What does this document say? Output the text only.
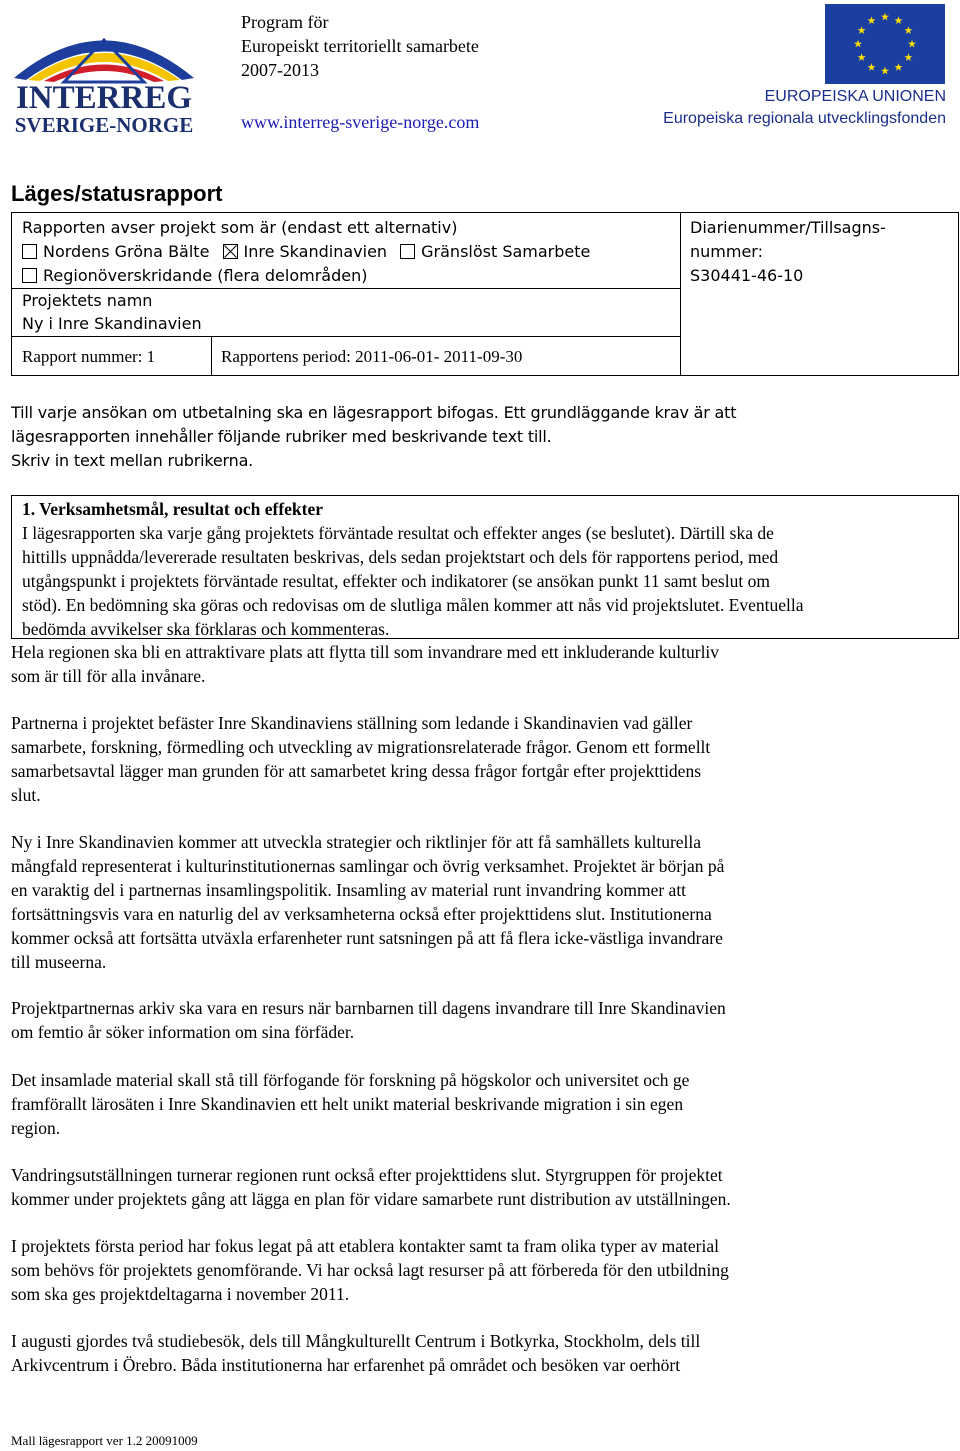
INTERREG
SVERIGE-NORGE
Program för
Europeiskt territoriellt samarbete
2007-2013
www.interreg-sverige-norge.com
EUROPEISKA UNIONEN
Europeiska regionala utvecklingsfonden
Läges/statusrapport
Rapporten avser projekt som är (endast ett alternativ)
Nordens Gröna Bälte Inre Skandinavien Gränslöst Samarbete
Regionöverskridande (flera delområden)
Projektets namn
Ny i Inre Skandinavien
Rapport nummer: 1	Rapportens period: 2011-06-01- 2011-09-30
Diarienummer/Tillsagns-
nummer:
S30441-46-10

Till varje ansökan om utbetalning ska en lägesrapport bifogas. Ett grundläggande krav är att

lägesrapporten innehåller följande rubriker med beskrivande text till.

Skriv in text mellan rubrikerna.

1. Verksamhetsmål, resultat och effekter

I lägesrapporten ska varje gång projektets förväntade resultat och effekter anges (se beslutet). Därtill ska de

hittills uppnådda/levererade resultaten beskrivas, dels sedan projektstart och dels för rapportens period, med

utgångspunkt i projektets förväntade resultat, effekter och indikatorer (se ansökan punkt 11 samt beslut om

stöd). En bedömning ska göras och redovisas om de slutliga målen kommer att nås vid projektslutet. Eventuella

bedömda avvikelser ska förklaras och kommenteras.

Hela regionen ska bli en attraktivare plats att flytta till som invandrare med ett inkluderande kulturliv

som är till för alla invånare.

Partnerna i projektet befäster Inre Skandinaviens ställning som ledande i Skandinavien vad gäller

samarbete, forskning, förmedling och utveckling av migrationsrelaterade frågor. Genom ett formellt

samarbetsavtal lägger man grunden för att samarbetet kring dessa frågor fortgår efter projekttidens

slut.

Ny i Inre Skandinavien kommer att utveckla strategier och riktlinjer för att få samhällets kulturella

mångfald representerat i kulturinstitutionernas samlingar och övrig verksamhet. Projektet är början på

en varaktig del i partnernas insamlingspolitik. Insamling av material runt invandring kommer att

fortsättningsvis vara en naturlig del av verksamheterna också efter projekttidens slut. Institutionerna

kommer också att fortsätta utväxla erfarenheter runt satsningen på att få flera icke-västliga invandrare

till museerna.

Projektpartnernas arkiv ska vara en resurs när barnbarnen till dagens invandrare till Inre Skandinavien

om femtio år söker information om sina förfäder.

Det insamlade material skall stå till förfogande för forskning på högskolor och universitet och ge

framförallt lärosäten i Inre Skandinavien ett helt unikt material beskrivande migration i sin egen

region.

Vandringsutställningen turnerar regionen runt också efter projekttidens slut. Styrgruppen för projektet

kommer under projektets gång att lägga en plan för vidare samarbete runt distribution av utställningen.

I projektets första period har fokus legat på att etablera kontakter samt ta fram olika typer av material

som behövs för projektets genomförande. Vi har också lagt resurser på att förbereda för den utbildning

som ska ges projektdeltagarna i november 2011.

I augusti gjordes två studiebesök, dels till Mångkulturellt Centrum i Botkyrka, Stockholm, dels till

Arkivcentrum i Örebro. Båda institutionerna har erfarenhet på området och besöken var oerhört

Mall lägesrapport ver 1.2 20091009
